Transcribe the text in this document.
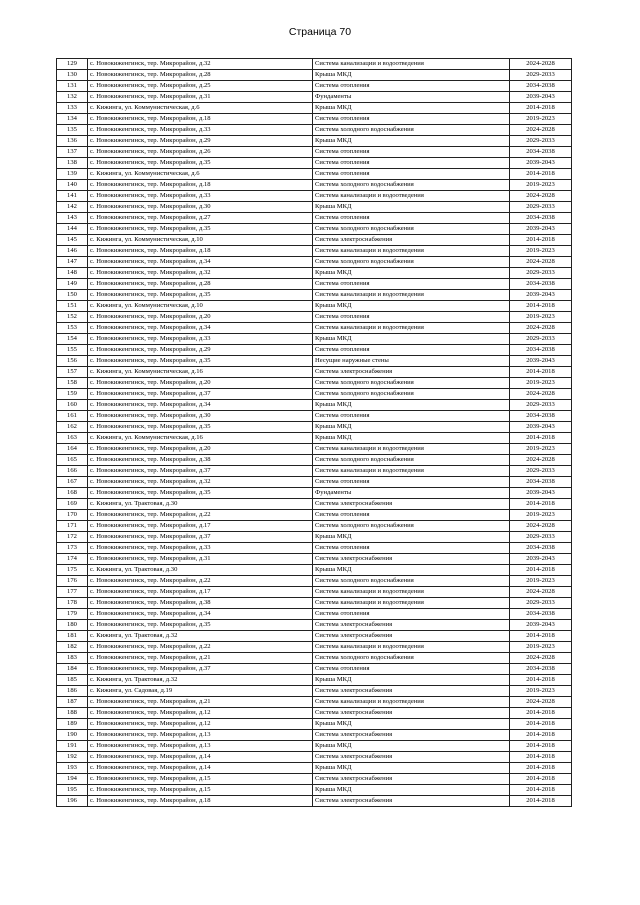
Страница 70
129	с. Новокиженгинск, тер. Микрорайон, д.32	Система канализации и водоотведения	2024-2028
130	с. Новокиженгинск, тер. Микрорайон, д.28	Крыша МКД	2029-2033
131	с. Новокиженгинск, тер. Микрорайон, д.25	Система отопления	2034-2038
132	с. Новокиженгинск, тер. Микрорайон, д.31	Фундаменты	2039-2043
133	с. Кижинга, ул. Коммунистическая, д.6	Крыша МКД	2014-2018
134	с. Новокиженгинск, тер. Микрорайон, д.18	Система отопления	2019-2023
135	с. Новокиженгинск, тер. Микрорайон, д.33	Система холодного водоснабжения	2024-2028
136	с. Новокиженгинск, тер. Микрорайон, д.29	Крыша МКД	2029-2033
137	с. Новокиженгинск, тер. Микрорайон, д.26	Система отопления	2034-2038
138	с. Новокиженгинск, тер. Микрорайон, д.35	Система отопления	2039-2043
139	с. Кижинга, ул. Коммунистическая, д.6	Система отопления	2014-2018
140	с. Новокиженгинск, тер. Микрорайон, д.18	Система холодного водоснабжения	2019-2023
141	с. Новокиженгинск, тер. Микрорайон, д.33	Система канализации и водоотведения	2024-2028
142	с. Новокиженгинск, тер. Микрорайон, д.30	Крыша МКД	2029-2033
143	с. Новокиженгинск, тер. Микрорайон, д.27	Система отопления	2034-2038
144	с. Новокиженгинск, тер. Микрорайон, д.35	Система холодного водоснабжения	2039-2043
145	с. Кижинга, ул. Коммунистическая, д.10	Система электроснабжения	2014-2018
146	с. Новокиженгинск, тер. Микрорайон, д.18	Система канализации и водоотведения	2019-2023
147	с. Новокиженгинск, тер. Микрорайон, д.34	Система холодного водоснабжения	2024-2028
148	с. Новокиженгинск, тер. Микрорайон, д.32	Крыша МКД	2029-2033
149	с. Новокиженгинск, тер. Микрорайон, д.28	Система отопления	2034-2038
150	с. Новокиженгинск, тер. Микрорайон, д.35	Система канализации и водоотведения	2039-2043
151	с. Кижинга, ул. Коммунистическая, д.10	Крыша МКД	2014-2018
152	с. Новокиженгинск, тер. Микрорайон, д.20	Система отопления	2019-2023
153	с. Новокиженгинск, тер. Микрорайон, д.34	Система канализации и водоотведения	2024-2028
154	с. Новокиженгинск, тер. Микрорайон, д.33	Крыша МКД	2029-2033
155	с. Новокиженгинск, тер. Микрорайон, д.29	Система отопления	2034-2038
156	с. Новокиженгинск, тер. Микрорайон, д.35	Несущие наружные стены	2039-2043
157	с. Кижинга, ул. Коммунистическая, д.16	Система электроснабжения	2014-2018
158	с. Новокиженгинск, тер. Микрорайон, д.20	Система холодного водоснабжения	2019-2023
159	с. Новокиженгинск, тер. Микрорайон, д.37	Система холодного водоснабжения	2024-2028
160	с. Новокиженгинск, тер. Микрорайон, д.34	Крыша МКД	2029-2033
161	с. Новокиженгинск, тер. Микрорайон, д.30	Система отопления	2034-2038
162	с. Новокиженгинск, тер. Микрорайон, д.35	Крыша МКД	2039-2043
163	с. Кижинга, ул. Коммунистическая, д.16	Крыша МКД	2014-2018
164	с. Новокиженгинск, тер. Микрорайон, д.20	Система канализации и водоотведения	2019-2023
165	с. Новокиженгинск, тер. Микрорайон, д.38	Система холодного водоснабжения	2024-2028
166	с. Новокиженгинск, тер. Микрорайон, д.37	Система канализации и водоотведения	2029-2033
167	с. Новокиженгинск, тер. Микрорайон, д.32	Система отопления	2034-2038
168	с. Новокиженгинск, тер. Микрорайон, д.35	Фундаменты	2039-2043
169	с. Кижинга, ул. Трактовая, д.30	Система электроснабжения	2014-2018
170	с. Новокиженгинск, тер. Микрорайон, д.22	Система отопления	2019-2023
171	с. Новокиженгинск, тер. Микрорайон, д.17	Система холодного водоснабжения	2024-2028
172	с. Новокиженгинск, тер. Микрорайон, д.37	Крыша МКД	2029-2033
173	с. Новокиженгинск, тер. Микрорайон, д.33	Система отопления	2034-2038
174	с. Новокиженгинск, тер. Микрорайон, д.31	Система электроснабжения	2039-2043
175	с. Кижинга, ул. Трактовая, д.30	Крыша МКД	2014-2018
176	с. Новокиженгинск, тер. Микрорайон, д.22	Система холодного водоснабжения	2019-2023
177	с. Новокиженгинск, тер. Микрорайон, д.17	Система канализации и водоотведения	2024-2028
178	с. Новокиженгинск, тер. Микрорайон, д.38	Система канализации и водоотведения	2029-2033
179	с. Новокиженгинск, тер. Микрорайон, д.34	Система отопления	2034-2038
180	с. Новокиженгинск, тер. Микрорайон, д.35	Система электроснабжения	2039-2043
181	с. Кижинга, ул. Трактовая, д.32	Система электроснабжения	2014-2018
182	с. Новокиженгинск, тер. Микрорайон, д.22	Система канализации и водоотведения	2019-2023
183	с. Новокиженгинск, тер. Микрорайон, д.21	Система холодного водоснабжения	2024-2028
184	с. Новокиженгинск, тер. Микрорайон, д.37	Система отопления	2034-2038
185	с. Кижинга, ул. Трактовая, д.32	Крыша МКД	2014-2018
186	с. Кижинга, ул. Садовая, д.19	Система электроснабжения	2019-2023
187	с. Новокиженгинск, тер. Микрорайон, д.21	Система канализации и водоотведения	2024-2028
188	с. Новокиженгинск, тер. Микрорайон, д.12	Система электроснабжения	2014-2018
189	с. Новокиженгинск, тер. Микрорайон, д.12	Крыша МКД	2014-2018
190	с. Новокиженгинск, тер. Микрорайон, д.13	Система электроснабжения	2014-2018
191	с. Новокиженгинск, тер. Микрорайон, д.13	Крыша МКД	2014-2018
192	с. Новокиженгинск, тер. Микрорайон, д.14	Система электроснабжения	2014-2018
193	с. Новокиженгинск, тер. Микрорайон, д.14	Крыша МКД	2014-2018
194	с. Новокиженгинск, тер. Микрорайон, д.15	Система электроснабжения	2014-2018
195	с. Новокиженгинск, тер. Микрорайон, д.15	Крыша МКД	2014-2018
196	с. Новокиженгинск, тер. Микрорайон, д.18	Система электроснабжения	2014-2018
